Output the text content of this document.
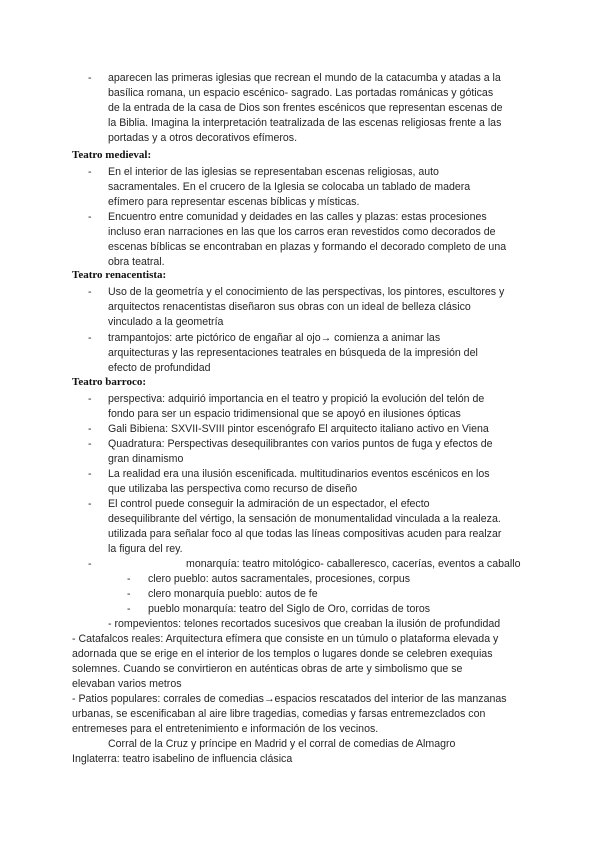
- aparecen las primeras iglesias que recrean el mundo de la catacumba y atadas a la
basílica romana, un espacio escénico- sagrado. Las portadas románicas y góticas
de la entrada de la casa de Dios son frentes escénicos que representan escenas de
la Biblia. Imagina la interpretación teatralizada de las escenas religiosas frente a las
portadas y a otros decorativos efímeros.
Teatro medieval:
- En el interior de las iglesias se representaban escenas religiosas, auto
sacramentales. En el crucero de la Iglesia se colocaba un tablado de madera
efímero para representar escenas bíblicas y místicas.
- Encuentro entre comunidad y deidades en las calles y plazas: estas procesiones
incluso eran narraciones en las que los carros eran revestidos como decorados de
escenas bíblicas se encontraban en plazas y formando el decorado completo de una
obra teatral.
Teatro renacentista:
- Uso de la geometría y el conocimiento de las perspectivas, los pintores, escultores y
arquitectos renacentistas diseñaron sus obras con un ideal de belleza clásico
vinculado a la geometría
- trampantojos: arte pictórico de engañar al ojo→ comienza a animar las
arquitecturas y las representaciones teatrales en búsqueda de la impresión del
efecto de profundidad
Teatro barroco:
- perspectiva: adquirió importancia en el teatro y propició la evolución del telón de
fondo para ser un espacio tridimensional que se apoyó en ilusiones ópticas
- Gali Bibiena: SXVII-SVIII pintor escenógrafo El arquitecto italiano activo en Viena
- Quadratura: Perspectivas desequilibrantes con varios puntos de fuga y efectos de
gran dinamismo
- La realidad era una ilusión escenificada. multitudinarios eventos escénicos en los
que utilizaba las perspectiva como recurso de diseño
- El control puede conseguir la admiración de un espectador, el efecto
desequilibrante del vértigo, la sensación de monumentalidad vinculada a la realeza.
utilizada para señalar foco al que todas las líneas compositivas acuden para realzar
la figura del rey.
-	monarquía: teatro mitológico- caballeresco, cacerías, eventos a caballo
- clero pueblo: autos sacramentales, procesiones, corpus
- clero monarquía pueblo: autos de fe
- pueblo monarquía: teatro del Siglo de Oro, corridas de toros
- rompevientos: telones recortados sucesivos que creaban la ilusión de profundidad
- Catafalcos reales: Arquitectura efímera que consiste en un túmulo o plataforma elevada y
adornada que se erige en el interior de los templos o lugares donde se celebren exequias
solemnes. Cuando se convirtieron en auténticas obras de arte y simbolismo que se
elevaban varios metros
- Patios populares: corrales de comedias→espacios rescatados del interior de las manzanas
urbanas, se escenificaban al aire libre tragedias, comedias y farsas entremezclados con
entremeses para el entretenimiento e información de los vecinos.
Corral de la Cruz y príncipe en Madrid y el corral de comedias de Almagro
Inglaterra: teatro isabelino de influencia clásica
